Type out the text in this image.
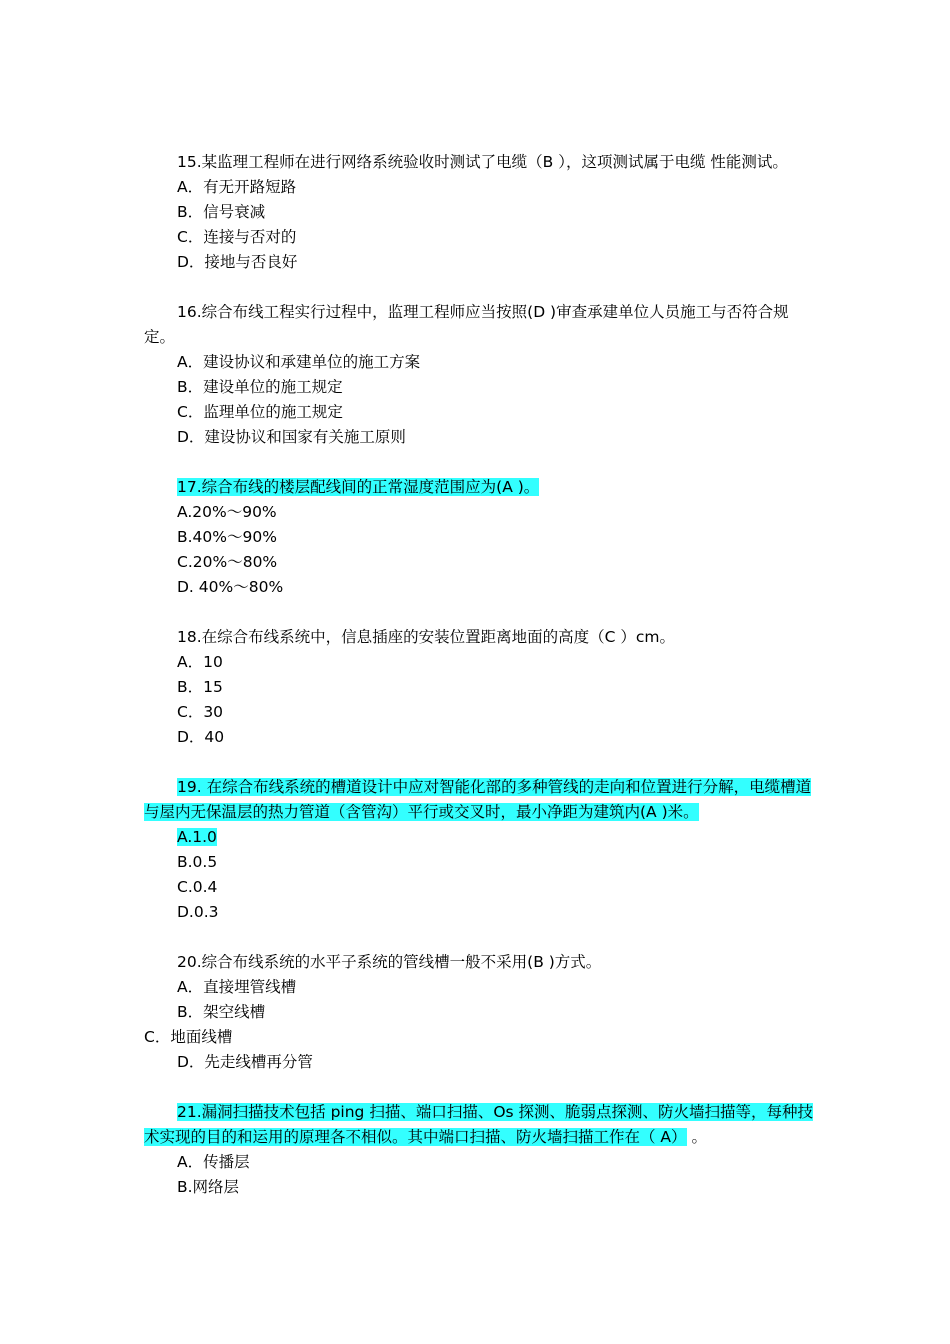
15.某监理工程师在进行网络系统验收时测试了电缆（B ），这项测试属于电缆 性能测试。

A．有无开路短路

B．信号衰减

C．连接与否对的

D．接地与否良好

16.综合布线工程实行过程中，监理工程师应当按照(D )审查承建单位人员施工与否符合规定。

A．建设协议和承建单位的施工方案

B．建设单位的施工规定

C．监理单位的施工规定

D．建设协议和国家有关施工原则

17.综合布线的楼层配线间的正常湿度范围应为(A )。

A.20%～90%

B.40%～90%

C.20%～80%

D. 40%～80%

18.在综合布线系统中，信息插座的安装位置距离地面的高度（C ）cm。

A．10

B．15

C．30

D．40

19. 在综合布线系统的槽道设计中应对智能化部的多种管线的走向和位置进行分解，电缆槽道与屋内无保温层的热力管道（含管沟）平行或交叉时，最小净距为建筑内(A )米。

A.1.0

B.0.5

C.0.4

D.0.3

20.综合布线系统的水平子系统的管线槽一般不采用(B )方式。

A．直接埋管线槽

B．架空线槽

C．地面线槽

D．先走线槽再分管

21.漏洞扫描技术包括 ping 扫描、端口扫描、Os 探测、脆弱点探测、防火墙扫描等，每种技术实现的目的和运用的原理各不相似。其中端口扫描、防火墙扫描工作在（ A） 。

A．传播层

B.网络层
